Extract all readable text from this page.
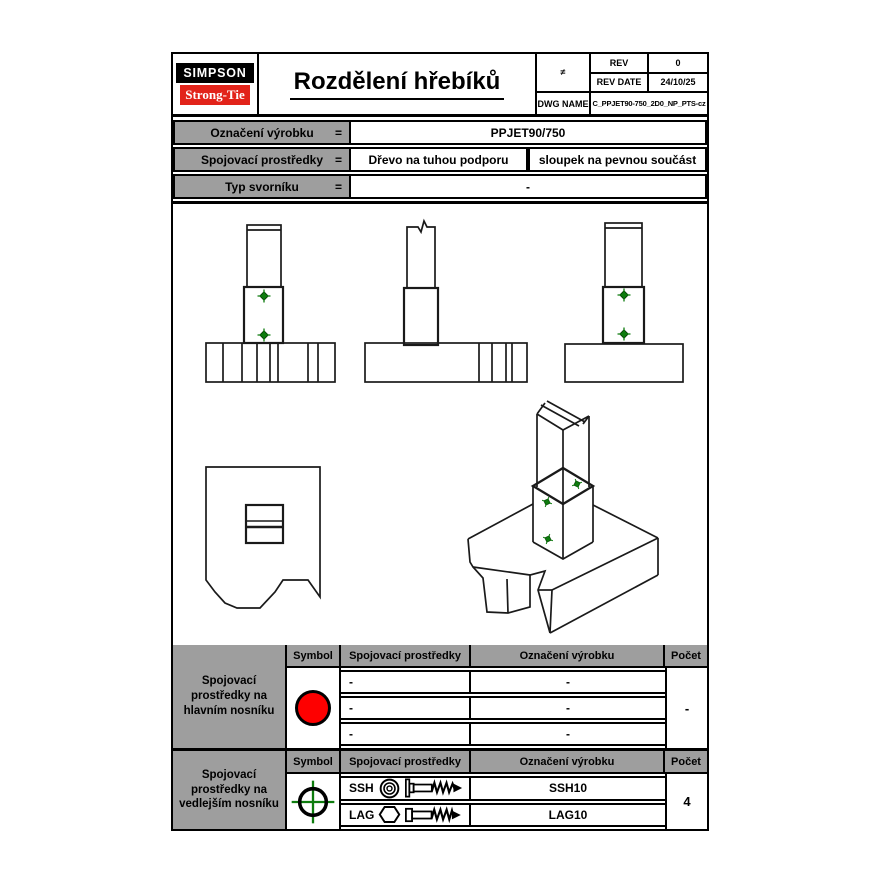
SIMPSON
Strong-Tie Rozdělení hřebíků	≠
REV	0
REV DATE	24/10/25
DWG NAME C_PPJET90-750_2D0_NP_PTS-cz
Označení výrobku =	PPJET90/750
Spojovací prostředky =	Dřevo na tuhou podporu	sloupek na pevnou součást
Typ svorníku	=	-
Spojovací prostředky na hlavním nosníku
Symbol	Spojovací prostředky	Označení výrobku	Počet
-	-
-	-
-	-
-
Spojovací prostředky na vedlejším nosníku
Symbol	Spojovací prostředky	Označení výrobku	Počet
SSH	SSH10
LAG	LAG10
4
